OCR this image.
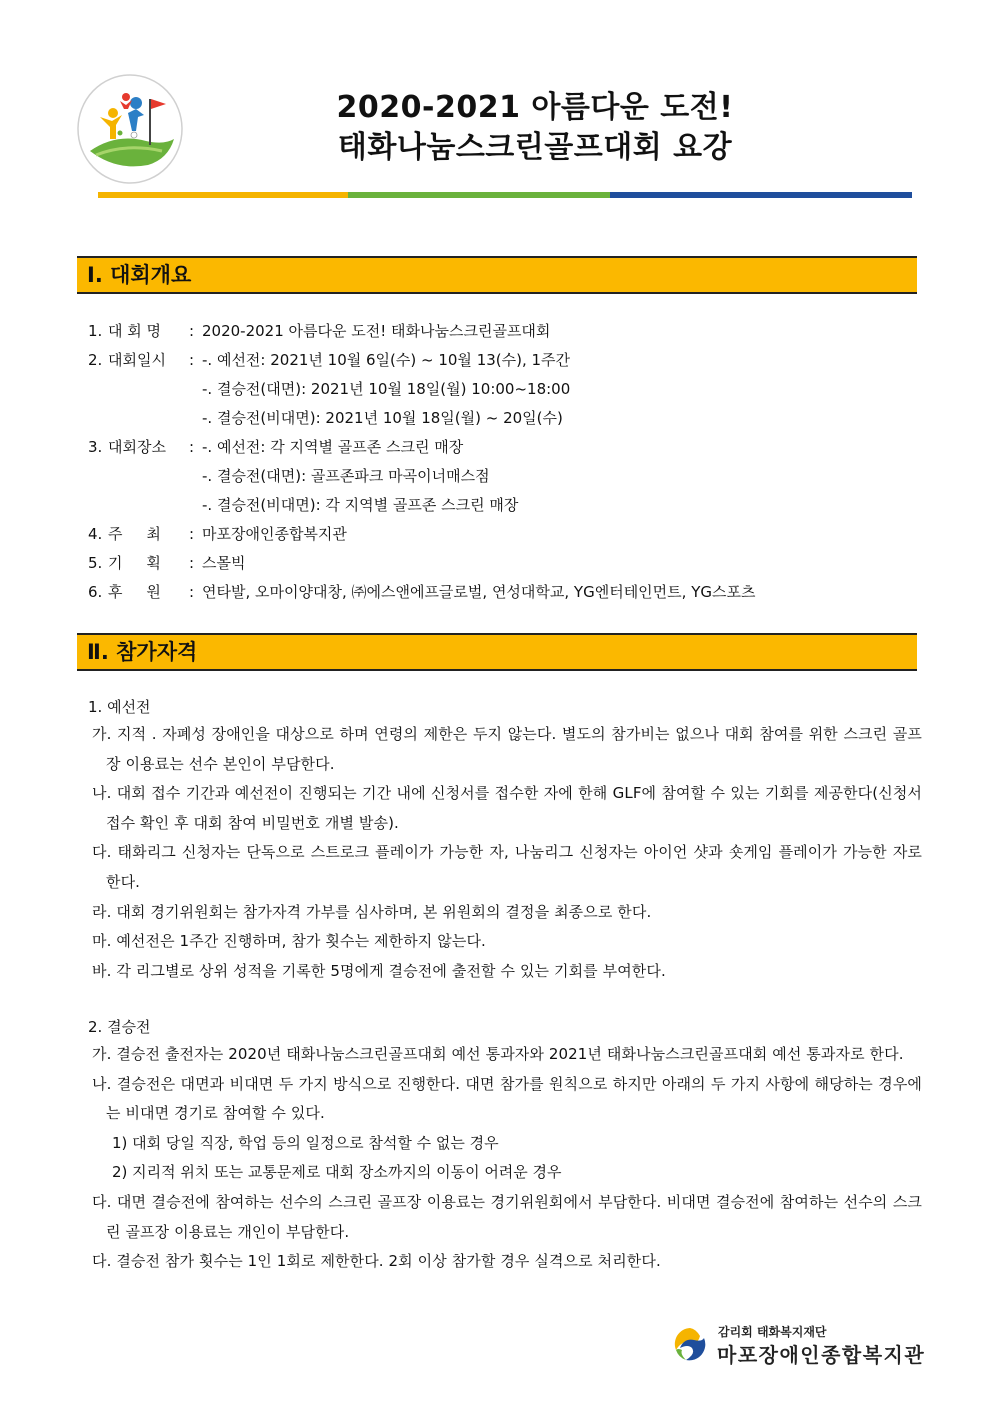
2020-2021 아름다운 도전!
태화나눔스크린골프대회 요강
Ⅰ. 대회개요
1. 대 회 명 : 2020-2021 아름다운 도전! 태화나눔스크린골프대회
2. 대회일시 : -. 예선전: 2021년 10월 6일(수) ~ 10월 13(수), 1주간
-. 결승전(대면): 2021년 10월 18일(월) 10:00~18:00
-. 결승전(비대면): 2021년 10월 18일(월) ~ 20일(수)
3. 대회장소 : -. 예선전: 각 지역별 골프존 스크린 매장
-. 결승전(대면): 골프존파크 마곡이너매스점
-. 결승전(비대면): 각 지역별 골프존 스크린 매장
4. 주     최 : 마포장애인종합복지관
5. 기     획 : 스몰빅
6. 후     원 : 연타발, 오마이양대창, ㈜에스앤에프글로벌, 연성대학교, YG엔터테인먼트, YG스포츠
Ⅱ. 참가자격
1. 예선전
가. 지적 . 자폐성 장애인을 대상으로 하며 연령의 제한은 두지 않는다. 별도의 참가비는 없으나 대회 참여를 위한 스크린 골프장 이용료는 선수 본인이 부담한다.
나. 대회 접수 기간과 예선전이 진행되는 기간 내에 신청서를 접수한 자에 한해 GLF에 참여할 수 있는 기회를 제공한다(신청서 접수 확인 후 대회 참여 비밀번호 개별 발송).
다. 태화리그 신청자는 단독으로 스트로크 플레이가 가능한 자, 나눔리그 신청자는 아이언 샷과 숏게임 플레이가 가능한 자로 한다.
라. 대회 경기위원회는 참가자격 가부를 심사하며, 본 위원회의 결정을 최종으로 한다.
마. 예선전은 1주간 진행하며, 참가 횟수는 제한하지 않는다.
바. 각 리그별로 상위 성적을 기록한 5명에게 결승전에 출전할 수 있는 기회를 부여한다.
2. 결승전
가. 결승전 출전자는 2020년 태화나눔스크린골프대회 예선 통과자와 2021년 태화나눔스크린골프대회 예선 통과자로 한다.
나. 결승전은 대면과 비대면 두 가지 방식으로 진행한다. 대면 참가를 원칙으로 하지만 아래의 두 가지 사항에 해당하는 경우에는 비대면 경기로 참여할 수 있다.
1) 대회 당일 직장, 학업 등의 일정으로 참석할 수 없는 경우
2) 지리적 위치 또는 교통문제로 대회 장소까지의 이동이 어려운 경우
다. 대면 결승전에 참여하는 선수의 스크린 골프장 이용료는 경기위원회에서 부담한다. 비대면 결승전에 참여하는 선수의 스크린 골프장 이용료는 개인이 부담한다.
다. 결승전 참가 횟수는 1인 1회로 제한한다. 2회 이상 참가할 경우 실격으로 처리한다.
감리회 태화복지재단
마포장애인종합복지관
